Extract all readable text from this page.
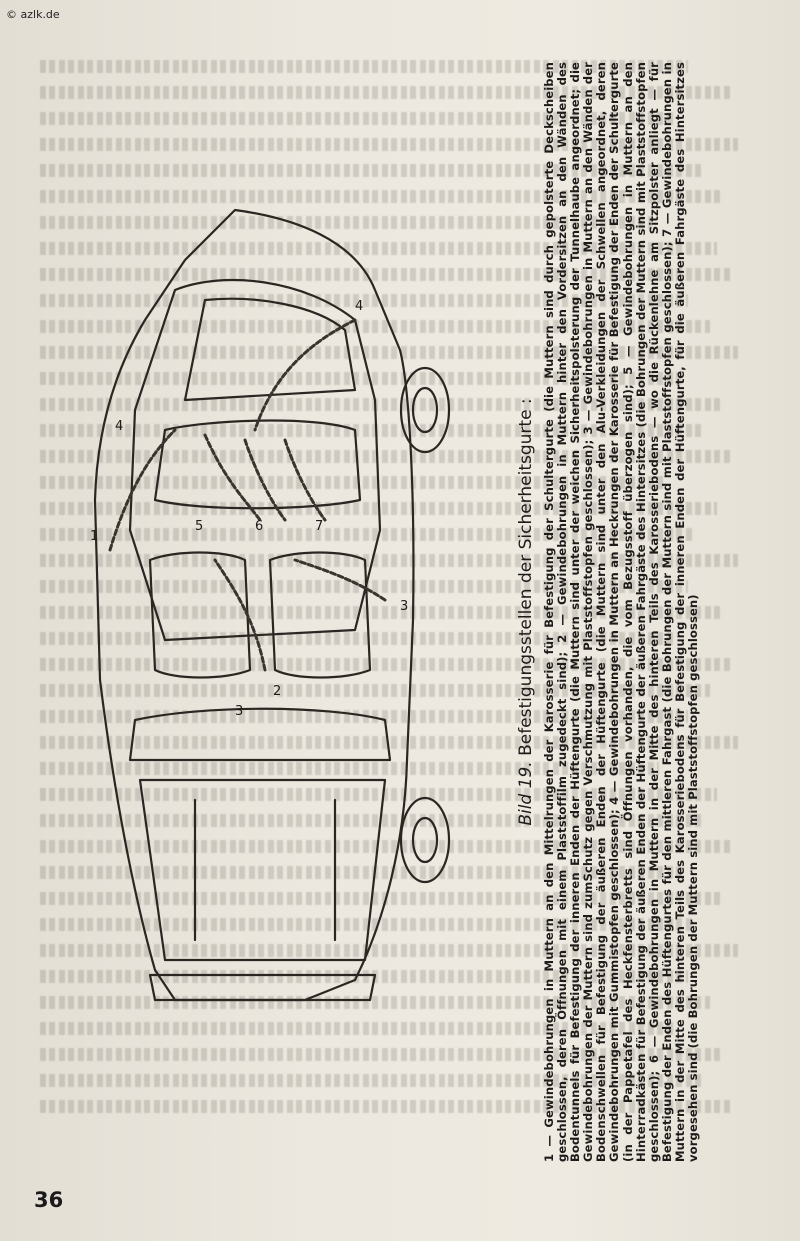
© azlk.de
1
2
3
3
4
4
5	6	7
Bild 19. Befestigungsstellen der Sicherheitsgurte : 1 — Gewindebohrungen in Muttern an den Mittelrungen der Karosserie für Befestigung der Schultergurte (die Muttern sind durch gepolsterte Deckscheiben geschlossen, deren Öffnungen mit einem Plaststoffilm zugedeckt sind); 2 — Gewindebohrungen in Muttern hinter den Vordersitzen an den Wänden des Bodentunnels für Befestigung der inneren Enden der Hüftengurte (die Muttern sind unter der weichen Sicherheitspolsterung der Tunnelhaube angeordnet; die Gewindebohrungen der Muttern sind zumSchutz gegen Verschmutzung mit Plaststoffstopfen geschlossen); 3 — Gewindebohrungen in Muttern an den Wänden der Bodenschwellen für Befestigung der äußeren Enden der Hüftengurte (die Muttern sind unter den Alu-Verkleidungen der Schwellen angeordnet, deren Gewindebohrungen mit Gummistopfen geschlossen); 4 — Gewindebohrungen in Muttern an Heckrungen der Karosserie für Befestigung der Enden der Schultergurte (in der Pappetafel des Heckfensterbretts sind Öffnungen vorhanden, die vom Bezugsstoff überzogen sind); 5 — Gewindebohrungen in Muttern an den Hinterradkästen für Befestigung der äußeren Enden der Hüftengurte der äußeren Fahrgäste des Hintersitzes (die Bohrungen der Muttern sind mit Plaststoffstopfen geschlossen); 6 — Gewindebohrungen in Muttern in der Mitte des hinteren Teils des Karosseriebodens — wo die Rückenlehne am Sitzpolster anliegt — für Befestigung der Enden des Hüftengurtes für den mittleren Fahrgast (die Bohrungen der Muttern sind mit Plaststoffstopfen geschlossen); 7 — Gewindebohrungen in Muttern in der Mitte des hinteren Teils des Karosseriebodens für Befestigung der inneren Enden der Hüftengurte, für die äußeren Fahrgäste des Hintersitzes vorgesehen sind (die Bohrungen der Muttern sind mit Plaststoffstopfen geschlossen)
36
